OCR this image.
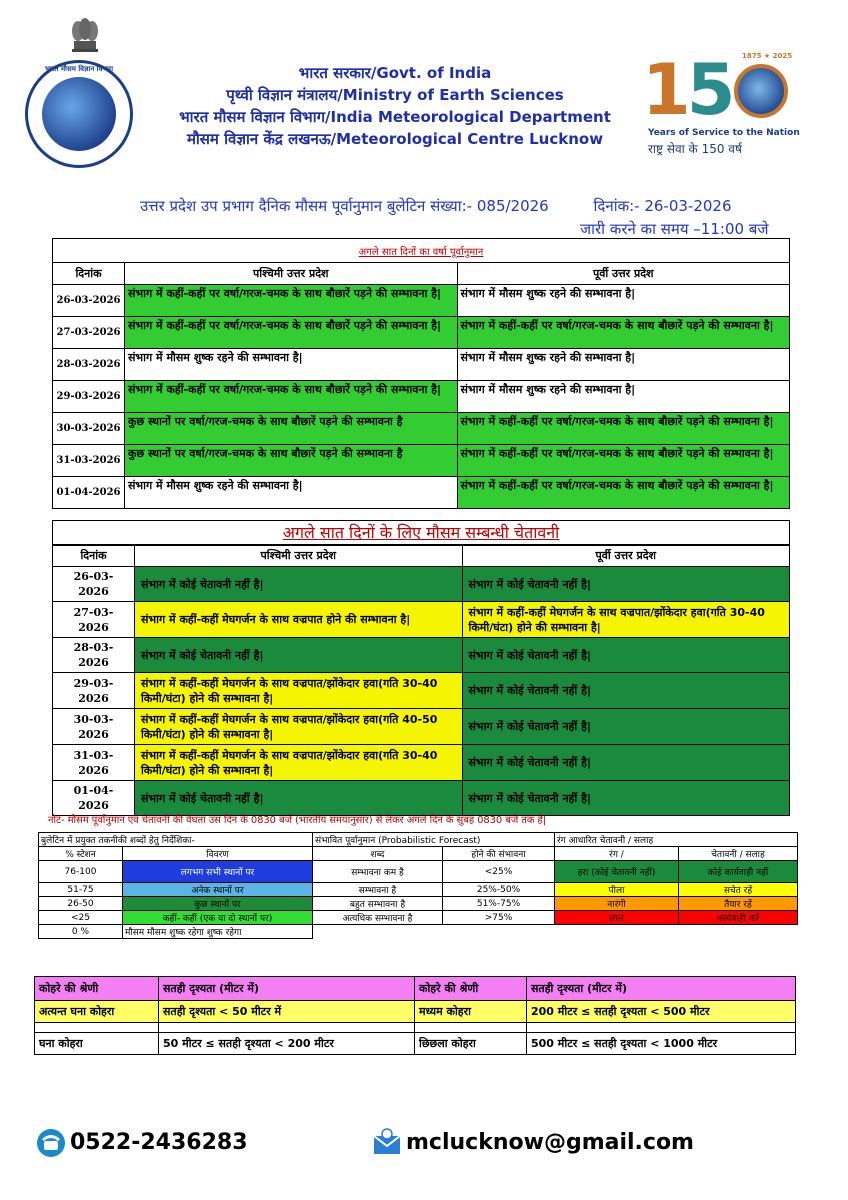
भारत मौसम विज्ञान विभाग	भारत सरकार/Govt. of India
पृथ्वी विज्ञान मंत्रालय/Ministry of Earth Sciences
भारत मौसम विज्ञान विभाग/India Meteorological Department
मौसम विज्ञान केंद्र लखनऊ/Meteorological Centre Lucknow
15 1875 ★ 2025
Years of Service to the Nation
राष्ट्र सेवा के 150 वर्ष
उत्तर प्रदेश उप प्रभाग दैनिक मौसम पूर्वानुमान बुलेटिन संख्या:- 085/2026	दिनांक:- 26-03-2026
जारी करने का समय –11:00 बजे
अगले सात दिनों का वर्षा पूर्वानुमान		
दिनांक	पश्चिमी उत्तर प्रदेश	पूर्वी उत्तर प्रदेश
26-03-2026	संभाग में कहीं-कहीं पर वर्षा/गरज-चमक के साथ बौछारें पड़ने की सम्भावना है|	संभाग में मौसम शुष्क रहने की सम्भावना है|
27-03-2026	संभाग में कहीं-कहीं पर वर्षा/गरज-चमक के साथ बौछारें पड़ने की सम्भावना है|	संभाग में कहीं-कहीं पर वर्षा/गरज-चमक के साथ बौछारें पड़ने की सम्भावना है|
28-03-2026	संभाग में मौसम शुष्क रहने की सम्भावना है|	संभाग में मौसम शुष्क रहने की सम्भावना है|
29-03-2026	संभाग में कहीं-कहीं पर वर्षा/गरज-चमक के साथ बौछारें पड़ने की सम्भावना है|	संभाग में मौसम शुष्क रहने की सम्भावना है|
30-03-2026	कुछ स्थानों पर वर्षा/गरज-चमक के साथ बौछारें पड़ने की सम्भावना है	संभाग में कहीं-कहीं पर वर्षा/गरज-चमक के साथ बौछारें पड़ने की सम्भावना है|
31-03-2026	कुछ स्थानों पर वर्षा/गरज-चमक के साथ बौछारें पड़ने की सम्भावना है	संभाग में कहीं-कहीं पर वर्षा/गरज-चमक के साथ बौछारें पड़ने की सम्भावना है|
01-04-2026	संभाग में मौसम शुष्क रहने की सम्भावना है|	संभाग में कहीं-कहीं पर वर्षा/गरज-चमक के साथ बौछारें पड़ने की सम्भावना है|
अगले सात दिनों के लिए मौसम सम्बन्धी चेतावनी		
दिनांक	पश्चिमी उत्तर प्रदेश	पूर्वी उत्तर प्रदेश
26-03-2026	संभाग में कोई चेतावनी नहीं है|	संभाग में कोई चेतावनी नहीं है|
27-03-2026	संभाग में कहीं-कहीं मेघगर्जन के साथ वज्रपात होने की सम्भावना है|	संभाग में कहीं-कहीं मेघगर्जन के साथ वज्रपात/झोंकेदार हवा(गति 30-40 किमी/घंटा) होने की सम्भावना है|
28-03-2026	संभाग में कोई चेतावनी नहीं है|	संभाग में कोई चेतावनी नहीं है|
29-03-2026	संभाग में कहीं-कहीं मेघगर्जन के साथ वज्रपात/झोंकेदार हवा(गति 30-40 किमी/घंटा) होने की सम्भावना है|	संभाग में कोई चेतावनी नहीं है|
30-03-2026	संभाग में कहीं-कहीं मेघगर्जन के साथ वज्रपात/झोंकेदार हवा(गति 40-50 किमी/घंटा) होने की सम्भावना है|	संभाग में कोई चेतावनी नहीं है|
31-03-2026	संभाग में कहीं-कहीं मेघगर्जन के साथ वज्रपात/झोंकेदार हवा(गति 30-40 किमी/घंटा) होने की सम्भावना है|	संभाग में कोई चेतावनी नहीं है|
01-04-2026	संभाग में कोई चेतावनी नहीं है|	संभाग में कोई चेतावनी नहीं है|
नोट- मौसम पूर्वानुमान एवं चेतावनी की वैधता उस दिन के 0830 बजे (भारतीय समयानुसार) से लेकर अगले दिन के सुबह 0830 बजे तक है|
बुलेटिन में प्रयुक्त तकनीकी शब्दों हेतु निर्देशिका-		संभावित पूर्वानुमान (Probabilistic Forecast)		रंग आधारित चेतावनी / सलाह	
% स्टेशन	विवरण	शब्द	होने की संभावना	रंग /	चेतावनी / सलाह
76-100	लगभग सभी स्थानों पर	सम्भावना कम है	<25%	हरा (कोई चेतावनी नहीं)	कोई कार्यवाही नहीं
51-75	अनेक स्थानों पर	सम्भावना है	25%-50%	पीला	सचेत रहें
26-50	कुछ स्थानों पर	बहुत सम्भावना है	51%-75%	नारंगी	तैयार रहें
<25	कहीं- कहीं (एक या दो स्थानों पर)	अत्यधिक सम्भावना है	>75%	लाल	कार्यवाही करें
0 %	मौसम मौसम शुष्क रहेगा शुष्क रहेगा				
कोहरे की श्रेणी	सतही दृश्यता (मीटर में)	कोहरे की श्रेणी	सतही दृश्यता (मीटर में)
अत्यन्त घना कोहरा	सतही दृश्यता < 50 मीटर में	मध्यम कोहरा	200 मीटर ≤ सतही दृश्यता < 500 मीटर

घना कोहरा	50 मीटर ≤ सतही दृश्यता < 200 मीटर	छिछला कोहरा	500 मीटर ≤ सतही दृश्यता < 1000 मीटर
0522-2436283	mclucknow@gmail.com
